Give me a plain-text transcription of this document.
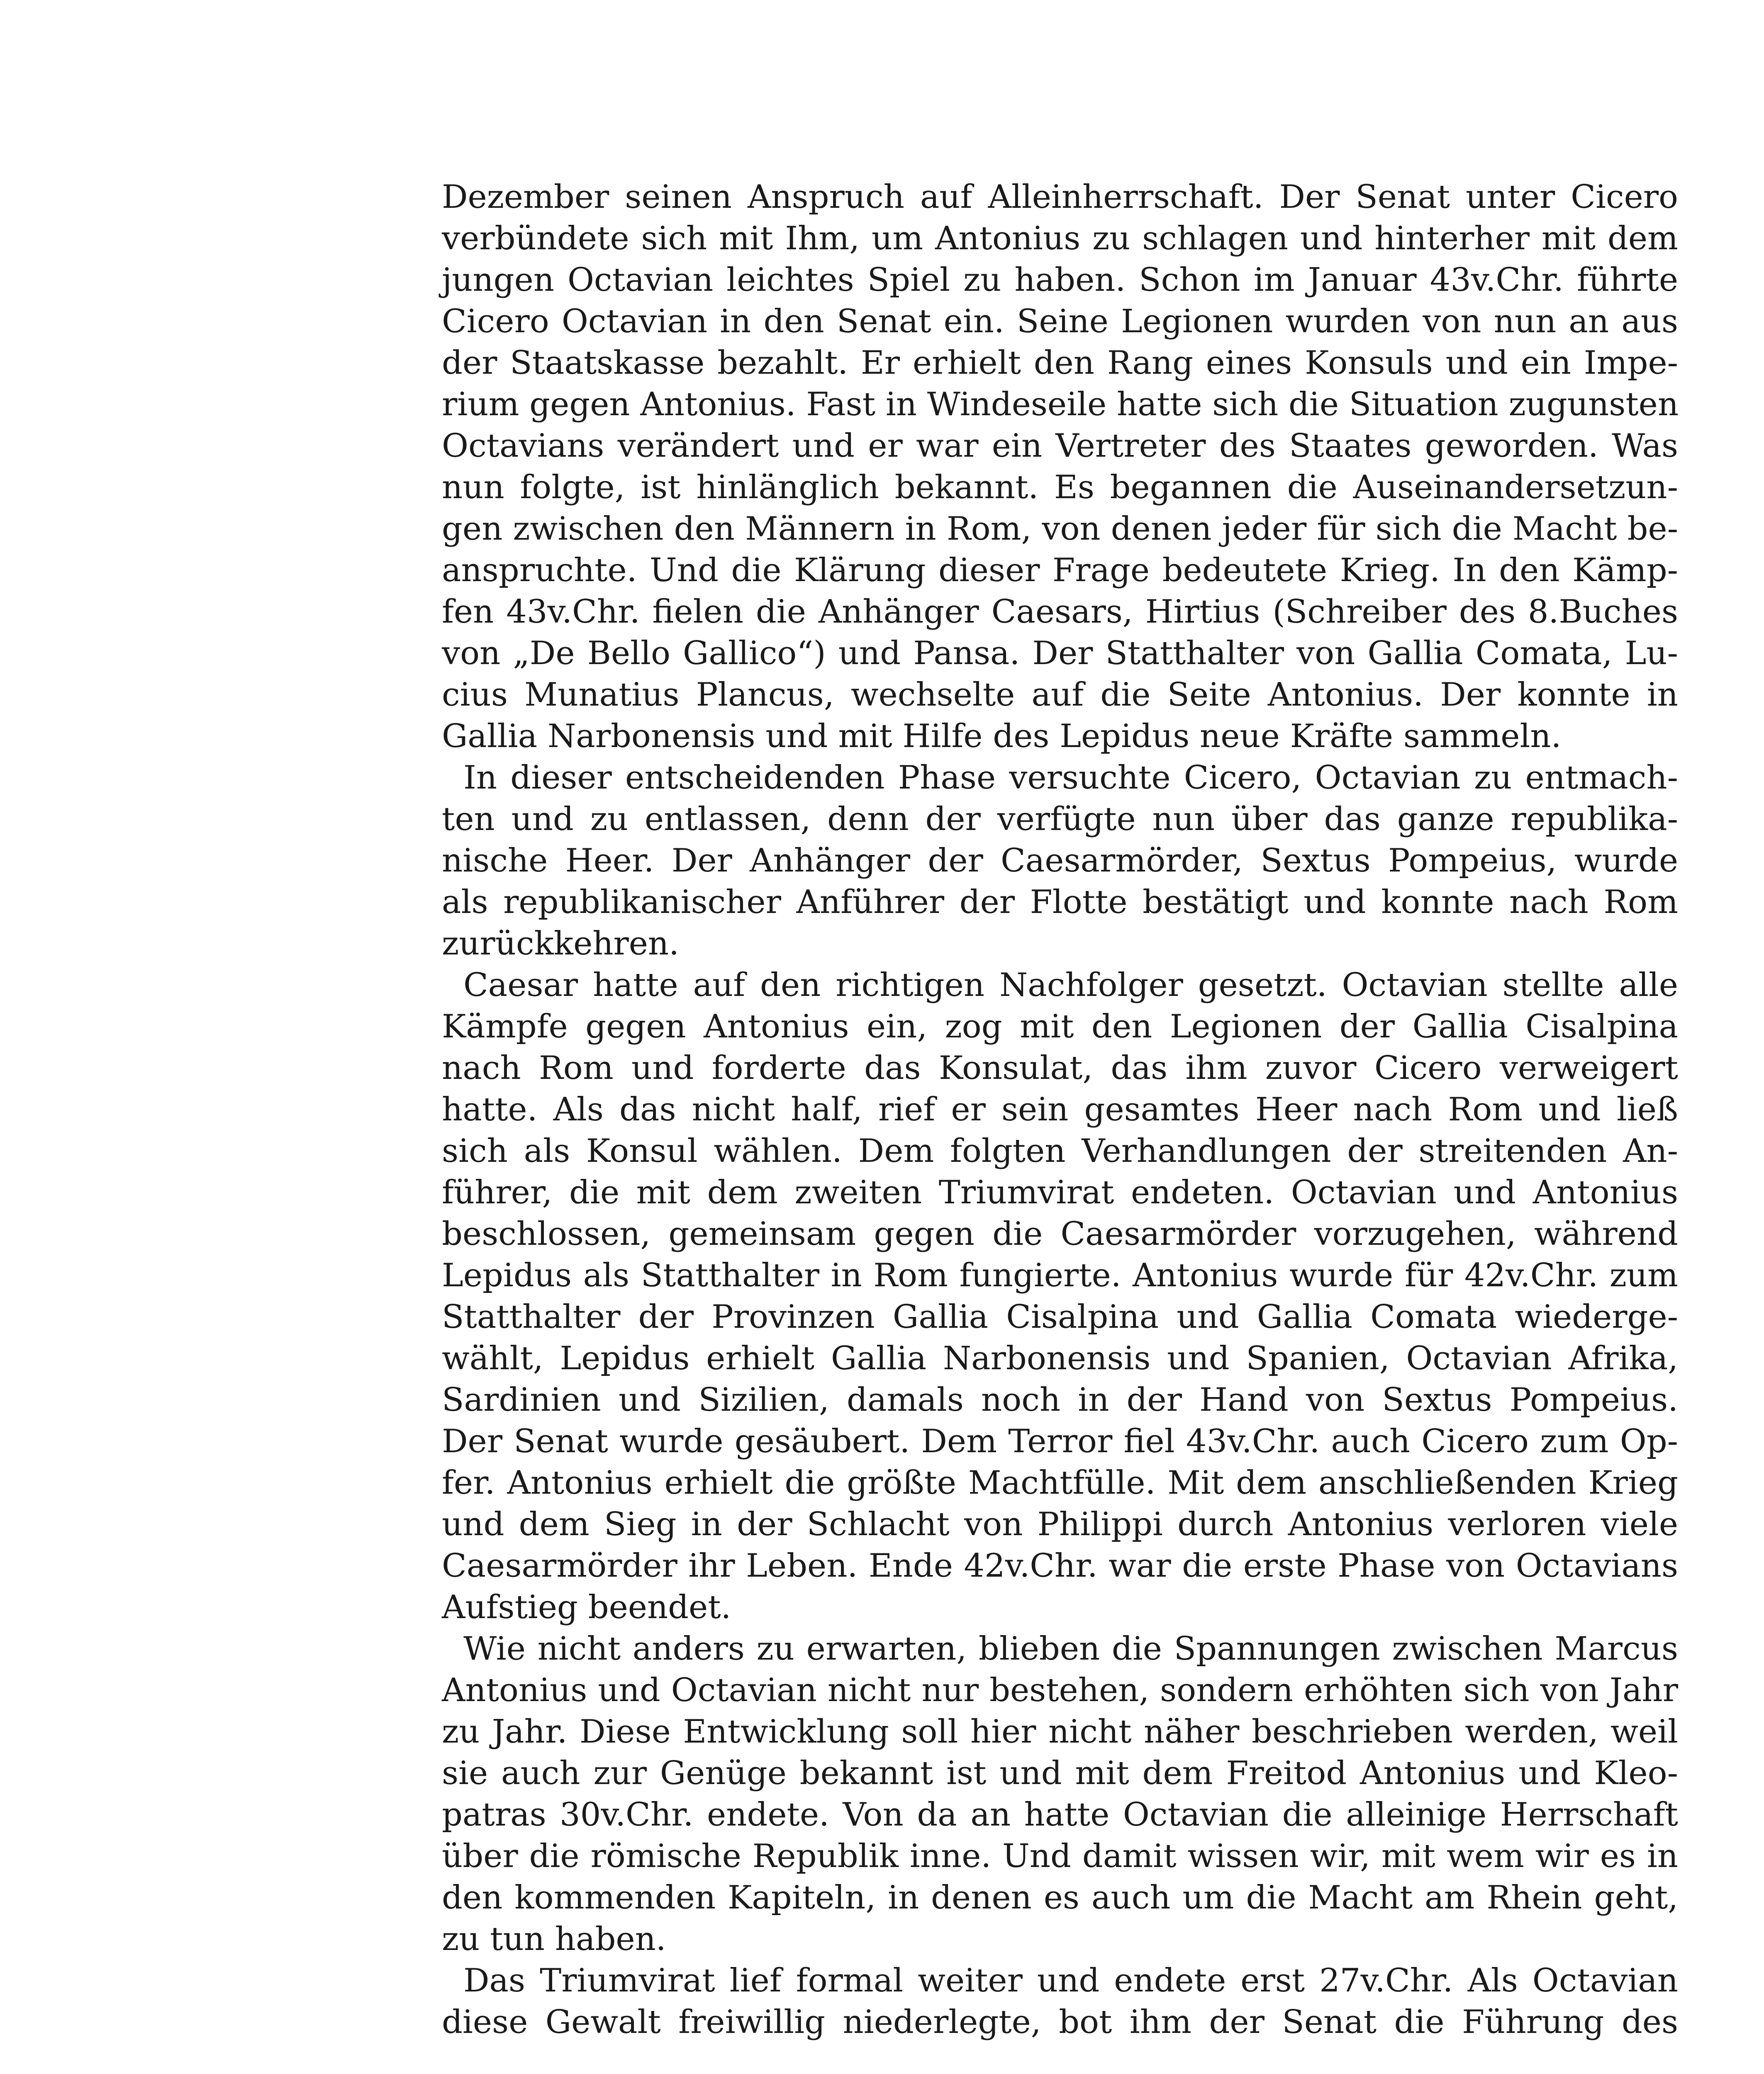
Dezember seinen Anspruch auf Alleinherrschaft. Der Senat unter Cicero
verbündete sich mit Ihm, um Antonius zu schlagen und hinterher mit dem
jungen Octavian leichtes Spiel zu haben. Schon im Januar 43v.Chr. führte
Cicero Octavian in den Senat ein. Seine Legionen wurden von nun an aus
der Staatskasse bezahlt. Er erhielt den Rang eines Konsuls und ein Impe-
rium gegen Antonius. Fast in Windeseile hatte sich die Situation zugunsten
Octavians verändert und er war ein Vertreter des Staates geworden. Was
nun folgte, ist hinlänglich bekannt. Es begannen die Auseinandersetzun-
gen zwischen den Männern in Rom, von denen jeder für sich die Macht be-
anspruchte. Und die Klärung dieser Frage bedeutete Krieg. In den Kämp-
fen 43v.Chr. fielen die Anhänger Caesars, Hirtius (Schreiber des 8.Buches
von „De Bello Gallico“) und Pansa. Der Statthalter von Gallia Comata, Lu-
cius Munatius Plancus, wechselte auf die Seite Antonius. Der konnte in
Gallia Narbonensis und mit Hilfe des Lepidus neue Kräfte sammeln.
In dieser entscheidenden Phase versuchte Cicero, Octavian zu entmach-
ten und zu entlassen, denn der verfügte nun über das ganze republika-
nische Heer. Der Anhänger der Caesarmörder, Sextus Pompeius, wurde
als republikanischer Anführer der Flotte bestätigt und konnte nach Rom
zurückkehren.
Caesar hatte auf den richtigen Nachfolger gesetzt. Octavian stellte alle
Kämpfe gegen Antonius ein, zog mit den Legionen der Gallia Cisalpina
nach Rom und forderte das Konsulat, das ihm zuvor Cicero verweigert
hatte. Als das nicht half, rief er sein gesamtes Heer nach Rom und ließ
sich als Konsul wählen. Dem folgten Verhandlungen der streitenden An-
führer, die mit dem zweiten Triumvirat endeten. Octavian und Antonius
beschlossen, gemeinsam gegen die Caesarmörder vorzugehen, während
Lepidus als Statthalter in Rom fungierte. Antonius wurde für 42v.Chr. zum
Statthalter der Provinzen Gallia Cisalpina und Gallia Comata wiederge-
wählt, Lepidus erhielt Gallia Narbonensis und Spanien, Octavian Afrika,
Sardinien und Sizilien, damals noch in der Hand von Sextus Pompeius.
Der Senat wurde gesäubert. Dem Terror fiel 43v.Chr. auch Cicero zum Op-
fer. Antonius erhielt die größte Machtfülle. Mit dem anschließenden Krieg
und dem Sieg in der Schlacht von Philippi durch Antonius verloren viele
Caesarmörder ihr Leben. Ende 42v.Chr. war die erste Phase von Octavians
Aufstieg beendet.
Wie nicht anders zu erwarten, blieben die Spannungen zwischen Marcus
Antonius und Octavian nicht nur bestehen, sondern erhöhten sich von Jahr
zu Jahr. Diese Entwicklung soll hier nicht näher beschrieben werden, weil
sie auch zur Genüge bekannt ist und mit dem Freitod Antonius und Kleo-
patras 30v.Chr. endete. Von da an hatte Octavian die alleinige Herrschaft
über die römische Republik inne. Und damit wissen wir, mit wem wir es in
den kommenden Kapiteln, in denen es auch um die Macht am Rhein geht,
zu tun haben.
Das Triumvirat lief formal weiter und endete erst 27v.Chr. Als Octavian
diese Gewalt freiwillig niederlegte, bot ihm der Senat die Führung des
